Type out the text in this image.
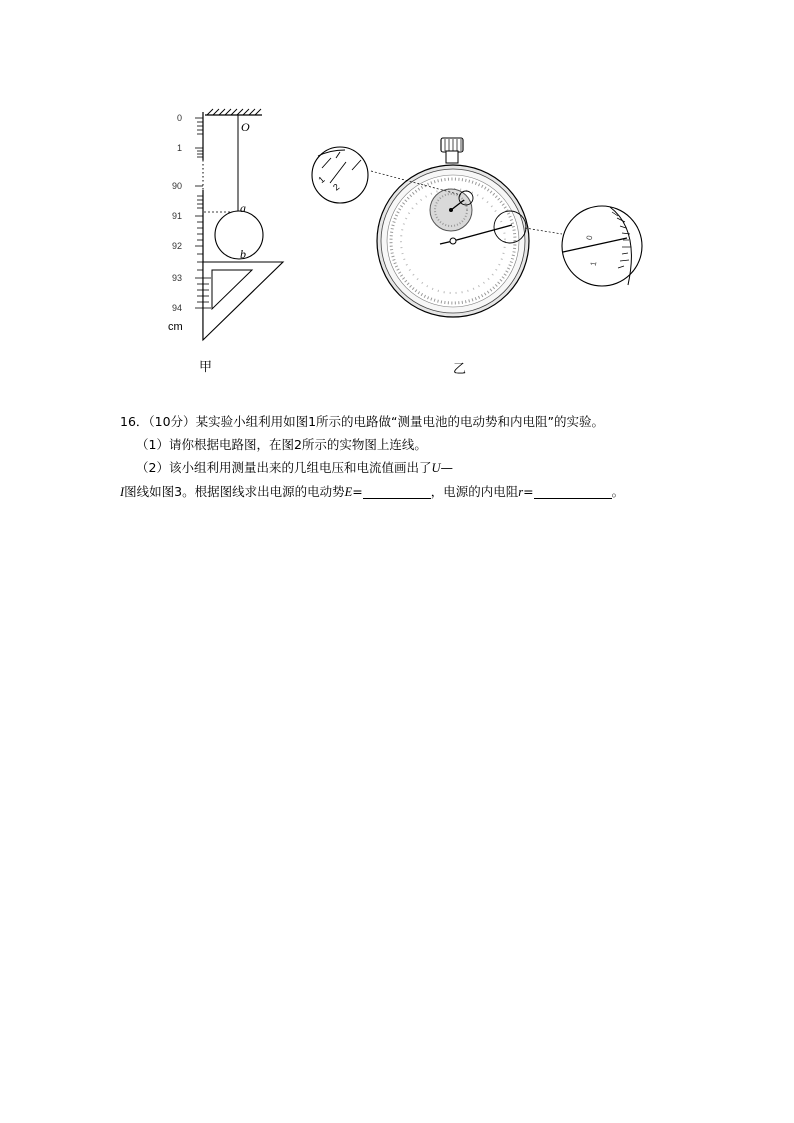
0
1
90
91
92
93
94
cm
O
a
b
1
2
0
1
甲	乙
16．（10分）某实验小组利用如图1所示的电路做“测量电池的电动势和内电阻”的实验。
（1）请你根据电路图，在图2所示的实物图上连线。
（2）该小组利用测量出来的几组电压和电流值画出了U—
I图线如图3。根据图线求出电源的电动势E=	，电源的内电阻r=	。
